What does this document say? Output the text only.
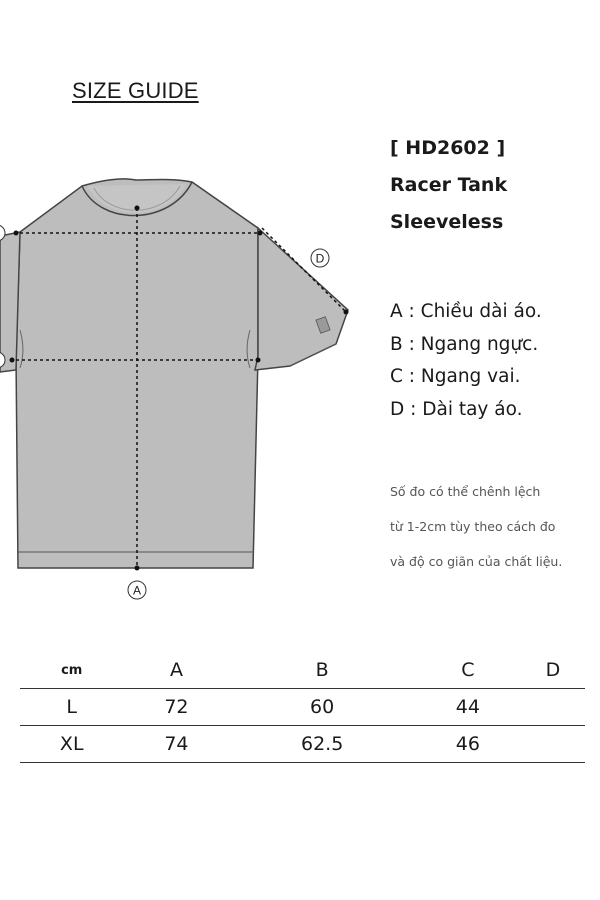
SIZE GUIDE
[ HD2602 ]
Racer Tank
Sleeveless
A
D
A : Chiều dài áo.
B : Ngang ngực.
C : Ngang vai.
D : Dài tay áo.
Số đo có thể chênh lệch
từ 1-2cm tùy theo cách đo
và độ co giãn của chất liệu.
cm	A	B	C	D
L	72	60	44	
XL	74	62.5	46	
